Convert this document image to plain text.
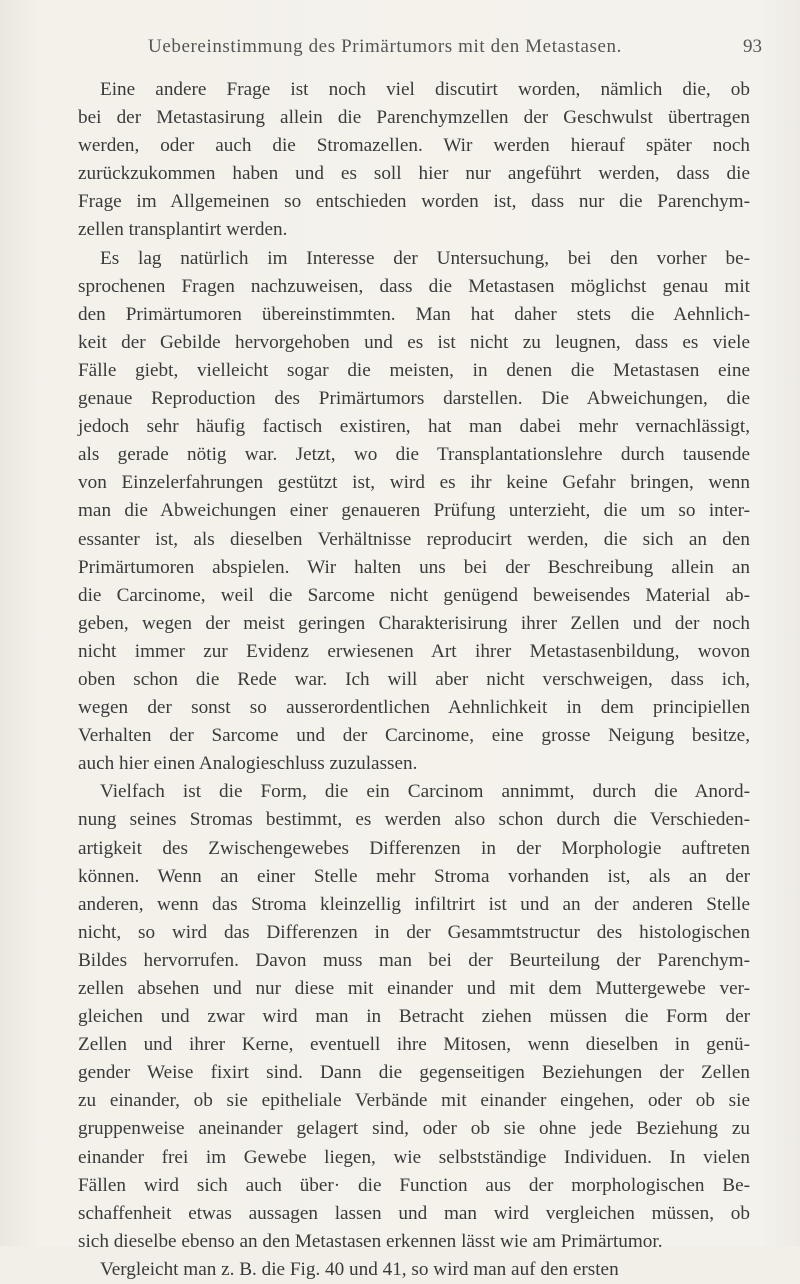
Uebereinstimmung des Primärtumors mit den Metastasen.	93
Eine andere Frage ist noch viel discutirt worden, nämlich die, ob
bei der Metastasirung allein die Parenchymzellen der Geschwulst übertragen
werden, oder auch die Stromazellen. Wir werden hierauf später noch
zurückzukommen haben und es soll hier nur angeführt werden, dass die
Frage im Allgemeinen so entschieden worden ist, dass nur die Parenchym-
zellen transplantirt werden.
Es lag natürlich im Interesse der Untersuchung, bei den vorher be-
sprochenen Fragen nachzuweisen, dass die Metastasen möglichst genau mit
den Primärtumoren übereinstimmten. Man hat daher stets die Aehnlich-
keit der Gebilde hervorgehoben und es ist nicht zu leugnen, dass es viele
Fälle giebt, vielleicht sogar die meisten, in denen die Metastasen eine
genaue Reproduction des Primärtumors darstellen. Die Abweichungen, die
jedoch sehr häufig factisch existiren, hat man dabei mehr vernachlässigt,
als gerade nötig war. Jetzt, wo die Transplantationslehre durch tausende
von Einzelerfahrungen gestützt ist, wird es ihr keine Gefahr bringen, wenn
man die Abweichungen einer genaueren Prüfung unterzieht, die um so inter-
essanter ist, als dieselben Verhältnisse reproducirt werden, die sich an den
Primärtumoren abspielen. Wir halten uns bei der Beschreibung allein an
die Carcinome, weil die Sarcome nicht genügend beweisendes Material ab-
geben, wegen der meist geringen Charakterisirung ihrer Zellen und der noch
nicht immer zur Evidenz erwiesenen Art ihrer Metastasenbildung, wovon
oben schon die Rede war. Ich will aber nicht verschweigen, dass ich,
wegen der sonst so ausserordentlichen Aehnlichkeit in dem principiellen
Verhalten der Sarcome und der Carcinome, eine grosse Neigung besitze,
auch hier einen Analogieschluss zuzulassen.
Vielfach ist die Form, die ein Carcinom annimmt, durch die Anord-
nung seines Stromas bestimmt, es werden also schon durch die Verschieden-
artigkeit des Zwischengewebes Differenzen in der Morphologie auftreten
können. Wenn an einer Stelle mehr Stroma vorhanden ist, als an der
anderen, wenn das Stroma kleinzellig infiltrirt ist und an der anderen Stelle
nicht, so wird das Differenzen in der Gesammtstructur des histologischen
Bildes hervorrufen. Davon muss man bei der Beurteilung der Parenchym-
zellen absehen und nur diese mit einander und mit dem Muttergewebe ver-
gleichen und zwar wird man in Betracht ziehen müssen die Form der
Zellen und ihrer Kerne, eventuell ihre Mitosen, wenn dieselben in genü-
gender Weise fixirt sind. Dann die gegenseitigen Beziehungen der Zellen
zu einander, ob sie epitheliale Verbände mit einander eingehen, oder ob sie
gruppenweise aneinander gelagert sind, oder ob sie ohne jede Beziehung zu
einander frei im Gewebe liegen, wie selbstständige Individuen. In vielen
Fällen wird sich auch über· die Function aus der morphologischen Be-
schaffenheit etwas aussagen lassen und man wird vergleichen müssen, ob
sich dieselbe ebenso an den Metastasen erkennen lässt wie am Primärtumor.
Vergleicht man z. B. die Fig. 40 und 41, so wird man auf den ersten
